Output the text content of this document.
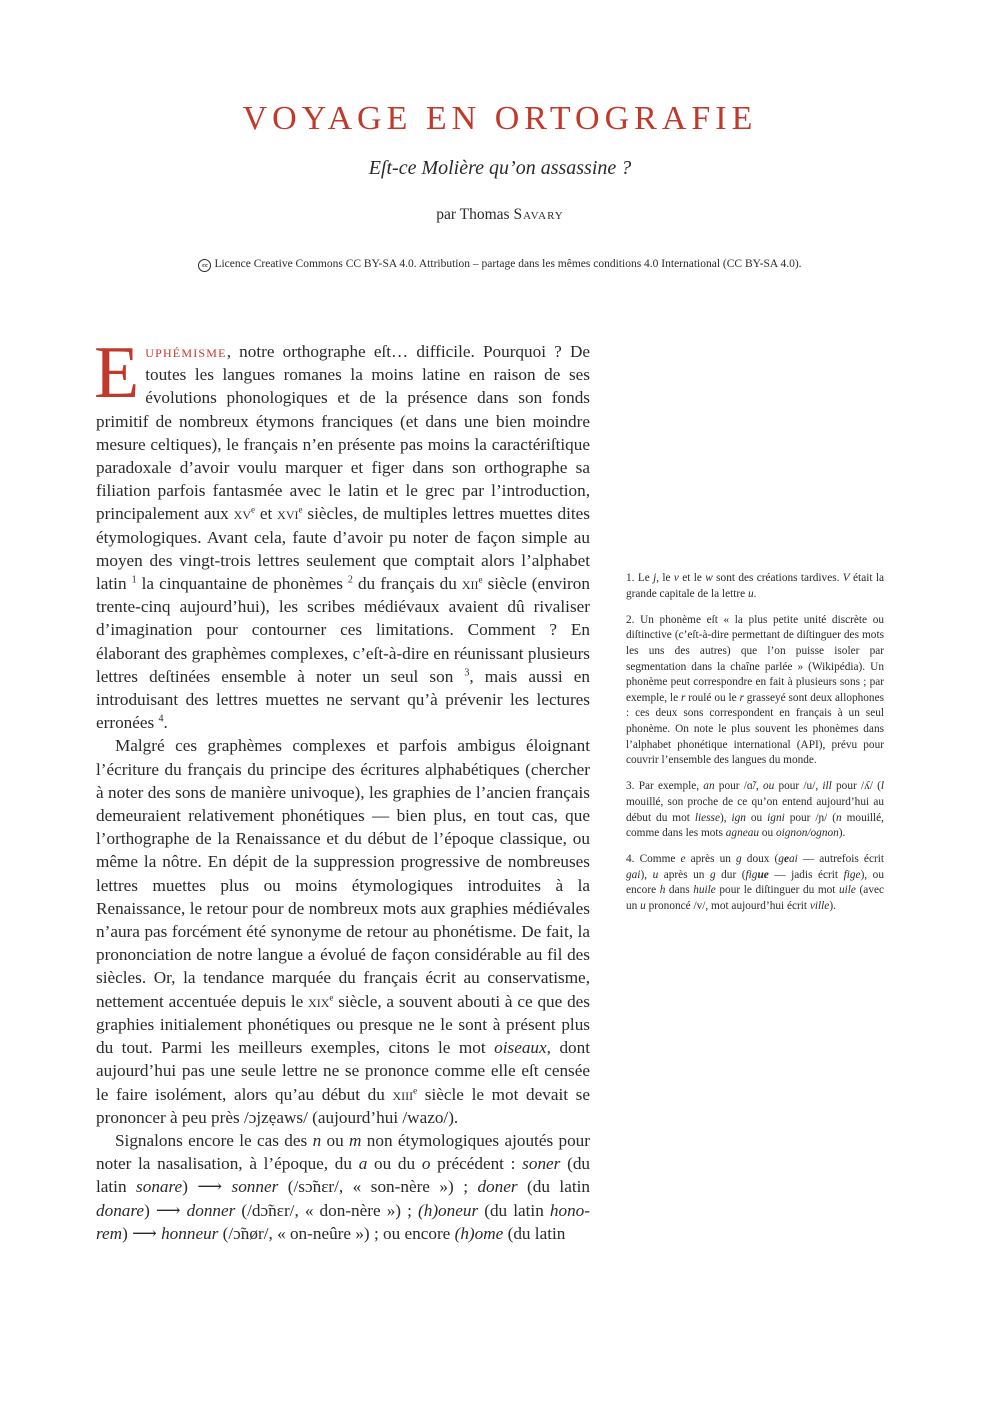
VOYAGE EN ORTOGRAFIE
Eſt-ce Molière qu’on assassine ?
par Thomas Savary
cc Licence Creative Commons CC BY-SA 4.0. Attribution – partage dans les mêmes conditions 4.0 International (CC BY-SA 4.0).

Euphémisme, notre orthographe eſt… difficile. Pourquoi ? De toutes les langues romanes la moins latine en raison de ses évolutions phonologiques et de la présence dans son fonds primitif de nombreux étymons franciques (et dans une bien moindre mesure celtiques), le français n’en présente pas moins la caractériſtique paradoxale d’avoir voulu marquer et figer dans son orthographe sa filiation parfois fantasmée avec le latin et le grec par l’introduction, principalement aux $xv^e$ et xvi$^e$ siècles, de multiples lettres muettes dites étymologiques. Avant cela, faute d’avoir pu noter de façon simple au moyen des vingt-trois lettres seulement que comptait alors l’alphabet latin $^1$ la cinquantaine de phonèmes $^2$ du français du xii$^e$ siècle (environ trente-cinq aujourd’hui), les scribes médiévaux avaient dû rivaliser d’imagination pour contourner ces limitations. Comment ? En élaborant des graphèmes complexes, c’eſt-à-dire en réunissant plusieurs lettres deſtinées ensemble à noter un seul son $^3$, mais aussi en introduisant des lettres muettes ne servant qu’à prévenir les lectures erronées $^4$.

Malgré ces graphèmes complexes et parfois ambigus éloignant l’écriture du français du principe des écritures alphabétiques (chercher à noter des sons de manière univoque), les graphies de l’ancien français demeuraient relativement phonétiques — bien plus, en tout cas, que l’orthographe de la Renaissance et du début de l’époque classique, ou même la nôtre. En dépit de la suppression progressive de nombreuses lettres muettes plus ou moins étymologiques introduites à la Renaissance, le retour pour de nombreux mots aux graphies médiévales n’aura pas forcément été synonyme de retour au phonétisme. De fait, la prononciation de notre langue a évolué de façon considérable au fil des siècles. Or, la tendance marquée du français écrit au conservatisme, nettement accentuée depuis le xix$^e$ siècle, a souvent abouti à ce que des graphies initialement phonétiques ou presque ne le sont à présent plus du tout. Parmi les meilleurs exemples, citons le mot oiseaux, dont aujourd’hui pas une seule lettre ne se prononce comme elle eſt censée le faire isolément, alors qu’au début du xiii$^e$ siècle le mot devait se prononcer à peu près /ɔjzẹaws/ (aujourd’hui /wazo/).

Signalons encore le cas des n ou m non étymologiques ajoutés pour noter la nasalisation, à l’époque, du a ou du o précédent : soner (du latin sonare) ⟶ sonner (/sɔ̃nɛr/, « son-nère ») ; doner (du latin donare) ⟶ donner (/dɔ̃nɛr/, « don-nère ») ; (h)oneur (du latin honorem) ⟶ honneur (/ɔ̃nør/, « on-neûre ») ; ou encore (h)ome (du latin

1. Le j, le v et le w sont des créations tardives. V était la grande capitale de la lettre u.

2. Un phonème eſt « la plus petite unité discrète ou diſtinctive (c’eſt-à-dire permettant de diſtinguer des mots les uns des autres) que l’on puisse isoler par segmentation dans la chaîne parlée » (Wikipédia). Un phonème peut correspondre en fait à plusieurs sons ; par exemple, le r roulé ou le r grasseyé sont deux allophones : ces deux sons correspondent en français à un seul phonème. On note le plus souvent les phonèmes dans l’alphabet phonétique international (API), prévu pour couvrir l’ensemble des langues du monde.

3. Par exemple, an pour /ɑ̃/, ou pour /u/, ill pour /ʎ/ (l mouillé, son proche de ce qu’on entend aujourd’hui au début du mot liesse), ign ou igni pour /ɲ/ (n mouillé, comme dans les mots agneau ou oignon/ognon).

4. Comme e après un g doux (geai — autrefois écrit gai), u après un g dur (figue — jadis écrit fige), ou encore h dans huile pour le diſtinguer du mot uile (avec un u prononcé /v/, mot aujourd’hui écrit ville).
